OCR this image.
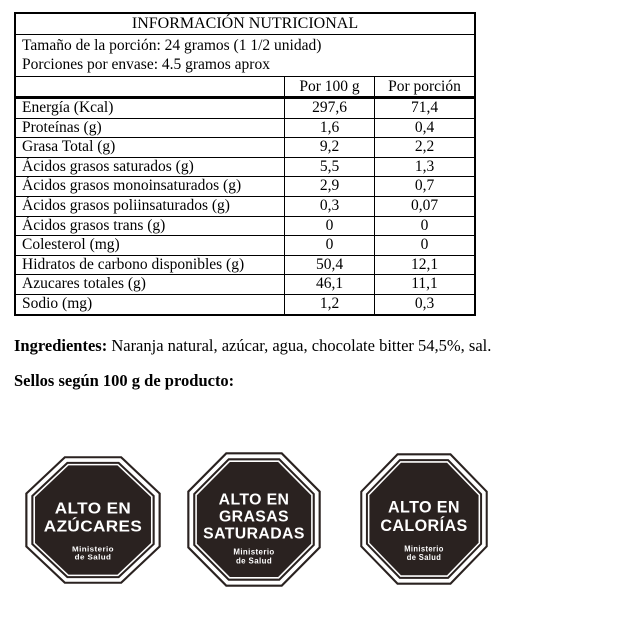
INFORMACIÓN NUTRICIONAL
Tamaño de la porción: 24 gramos (1 1/2 unidad)
Porciones por envase: 4.5 gramos aprox
Por 100 g	Por porción
Energía (Kcal)	297,6	71,4
Proteínas (g)	1,6	0,4
Grasa Total (g)	9,2	2,2
Ácidos grasos saturados (g)	5,5	1,3
Ácidos grasos monoinsaturados (g)	2,9	0,7
Ácidos grasos poliinsaturados (g)	0,3	0,07
Ácidos grasos trans (g)	0	0
Colesterol (mg)	0	0
Hidratos de carbono disponibles (g)	50,4	12,1
Azucares totales (g)	46,1	11,1
Sodio (mg)	1,2	0,3
Ingredientes: Naranja natural, azúcar, agua, chocolate bitter 54,5%, sal.
Sellos según 100 g de producto:
ALTO EN
AZÚCARES
Ministerio
de Salud
ALTO EN
GRASAS
SATURADAS
Ministerio
de Salud
ALTO EN
CALORÍAS
Ministerio
de Salud
